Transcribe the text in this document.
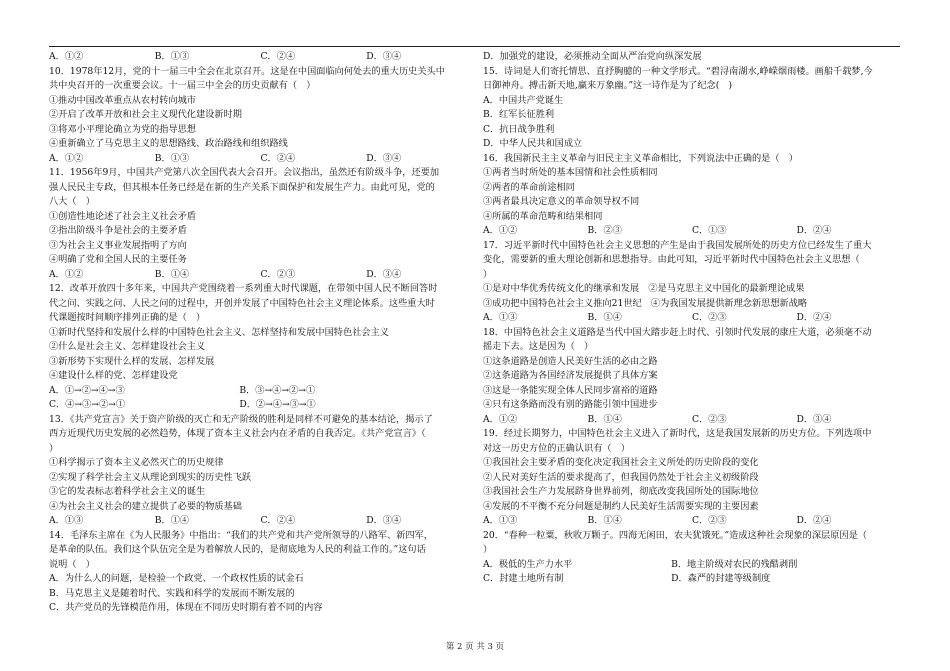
A．①②	B．①③	C．②④	D．③④
10．1978年12月，党的十一届三中全会在北京召开。这是在中国面临向何处去的重大历史关头中
共中央召开的一次重要会议。十一届三中全会的历史贡献有（　）
①推动中国改革重点从农村转向城市
②开启了改革开放和社会主义现代化建设新时期
③将邓小平理论确立为党的指导思想
④重新确立了马克思主义的思想路线、政治路线和组织路线
A．①②	B．①③	C．②④	D．③④
11．1956年9月，中国共产党第八次全国代表大会召开。会议指出，虽然还有阶级斗争，还要加
强人民民主专政，但其根本任务已经是在新的生产关系下面保护和发展生产力。由此可见，党的
八大（　）
①创造性地论述了社会主义社会矛盾
②指出阶级斗争是社会的主要矛盾
③为社会主义事业发展指明了方向
④明确了党和全国人民的主要任务
A．①②	B．①④	C．②③	D．③④
12．改革开放四十多年来，中国共产党围绕着一系列重大时代课题，在带领中国人民不断回答时
代之问、实践之问、人民之问的过程中，开创并发展了中国特色社会主义理论体系。这些重大时
代课题按时间顺序排列正确的是（　）
①新时代坚持和发展什么样的中国特色社会主义、怎样坚持和发展中国特色社会主义
②什么是社会主义、怎样建设社会主义
③新形势下实现什么样的发展、怎样发展
④建设什么样的党、怎样建设党
A．①→②→④→③	B．③→④→②→①
C．④→③→②→①	D．②→④→③→①
13．《共产党宣言》关于资产阶级的灭亡和无产阶级的胜利是同样不可避免的基本结论，揭示了
西方近现代历史发展的必然趋势，体现了资本主义社会内在矛盾的自我否定。《共产党宣言》（
）
①科学揭示了资本主义必然灭亡的历史规律
②实现了科学社会主义从理论到现实的历史性飞跃
③它的发表标志着科学社会主义的诞生
④为社会主义社会的建立提供了必要的物质基础
A．①③	B．①④	C．②④	D．③④
14．毛泽东主席在《为人民服务》中指出：“我们的共产党和共产党所领导的八路军、新四军，
是革命的队伍。我们这个队伍完全是为着解放人民的，是彻底地为人民的利益工作的。”这句话
说明（　）
A．为什么人的问题，是检验一个政党、一个政权性质的试金石
B．马克思主义是随着时代、实践和科学的发展而不断发展的
C．共产党员的先锋模范作用，体现在不同历史时期有着不同的内容
D．加强党的建设，必须推动全面从严治党向纵深发展
15．诗词是人们寄托情思、直抒胸臆的一种文学形式。“碧浔南湖水,峥嵘烟雨楼。画船千载梦,今
日御神舟。搏击新天地,赢来万象幽。”这一诗作是为了纪念(　)
A．中国共产党诞生
B．红军长征胜利
C．抗日战争胜利
D．中华人民共和国成立
16．我国新民主主义革命与旧民主主义革命相比，下列说法中正确的是（　）
①两者当时所处的基本国情和社会性质相同
②两者的革命前途相同
③两者最具决定意义的革命领导权不同
④所属的革命范畴和结果相同
A．①②	B．②③	C．①③	D．②④
17．习近平新时代中国特色社会主义思想的产生是由于我国发展所处的历史方位已经发生了重大
变化，需要新的重大理论创新和思想指导。由此可知，习近平新时代中国特色社会主义思想（
）
①是对中华优秀传统文化的继承和发展　②是马克思主义中国化的最新理论成果
③成功把中国特色社会主义推向21世纪　④为我国发展提供新理念新思想新战略
A．①③	B．①④	C．②③	D．②④
18．中国特色社会主义道路是当代中国大踏步赶上时代、引领时代发展的康庄大道，必须毫不动
摇走下去。这是因为（　）
①这条道路是创造人民美好生活的必由之路
②这条道路为各国经济发展提供了具体方案
③这是一条能实现全体人民同步富裕的道路
④只有这条路而没有别的路能引领中国进步
A．①②	B．①④	C．②③	D．③④
19．经过长期努力，中国特色社会主义进入了新时代，这是我国发展新的历史方位。下列选项中
对这一历史方位的正确认识有（　）
①我国社会主要矛盾的变化决定我国社会主义所处的历史阶段的变化
②人民对美好生活的要求提高了，但我国仍然处于社会主义初级阶段
③我国社会生产力发展跻身世界前列，彻底改变我国所处的国际地位
④发展的不平衡不充分问题是制约人民美好生活需要实现的主要因素
A．①③	B．①④	C．②③	D．②④
20．“春种一粒粟，秋收万颗子。四海无闲田，农夫犹饿死。”造成这种社会现象的深层原因是（
）
A．极低的生产力水平	B．地主阶级对农民的残酷剥削
C．封建土地所有制	D．森严的封建等级制度
第 2 页 共 3 页
